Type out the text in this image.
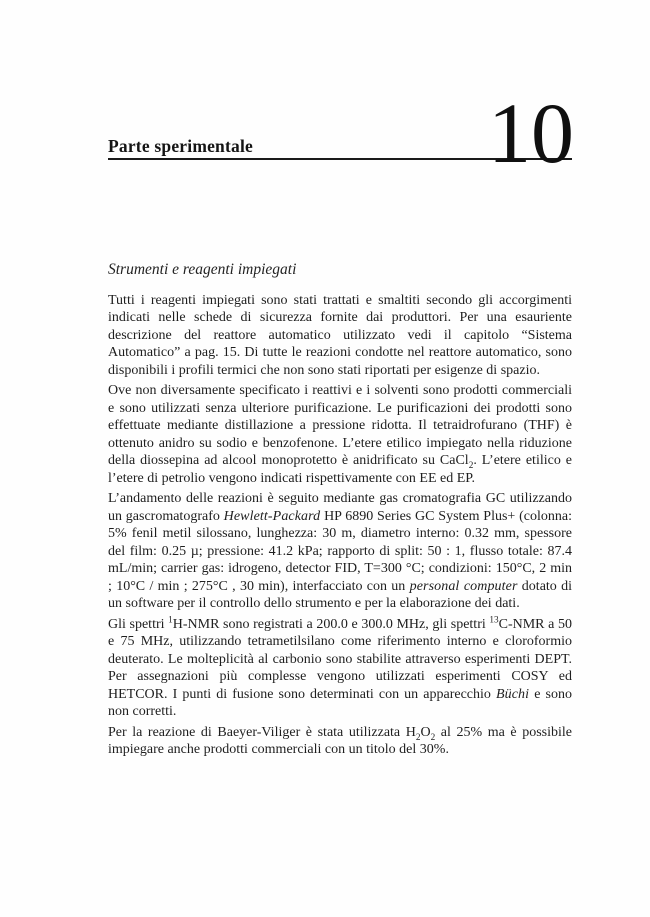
Parte sperimentale	10
Strumenti e reagenti impiegati

Tutti i reagenti impiegati sono stati trattati e smaltiti secondo gli accorgimenti indicati nelle schede di sicurezza fornite dai produttori. Per una esauriente descrizione del reattore automatico utilizzato vedi il capitolo “Sistema Automatico” a pag. 15. Di tutte le reazioni condotte nel reattore automatico, sono disponibili i profili termici che non sono stati riportati per esigenze di spazio.

Ove non diversamente specificato i reattivi e i solventi sono prodotti commerciali e sono utilizzati senza ulteriore purificazione. Le purificazioni dei prodotti sono effettuate mediante distillazione a pressione ridotta. Il tetraidrofurano (THF) è ottenuto anidro su sodio e benzofenone. L’etere etilico impiegato nella riduzione della diossepina ad alcool monoprotetto è anidrificato su CaCl$_2$. L’etere etilico e l’etere di petrolio vengono indicati rispettivamente con EE ed EP.

L’andamento delle reazioni è seguito mediante gas cromatografia GC utilizzando un gascromatografo Hewlett-Packard HP 6890 Series GC System Plus+ (colonna: 5% fenil metil silossano, lunghezza: 30 m, diametro interno: 0.32 mm, spessore del film: 0.25 µ; pressione: 41.2 kPa; rapporto di split: 50 : 1, flusso totale: 87.4 mL/min; carrier gas: idrogeno, detector FID, T=300 °C; condizioni: 150°C, 2 min ; 10°C / min ; 275°C , 30 min), interfacciato con un personal computer dotato di un software per il controllo dello strumento e per la elaborazione dei dati.

Gli spettri $^1$H-NMR sono registrati a 200.0 e 300.0 MHz, gli spettri $^{13}$C-NMR a 50 e 75 MHz, utilizzando tetrametilsilano come riferimento interno e cloroformio deuterato. Le molteplicità al carbonio sono stabilite attraverso esperimenti DEPT. Per assegnazioni più complesse vengono utilizzati esperimenti COSY ed HETCOR. I punti di fusione sono determinati con un apparecchio Büchi e sono non corretti.

Per la reazione di Baeyer-Viliger è stata utilizzata $H_2O_2$ al 25% ma è possibile impiegare anche prodotti commerciali con un titolo del 30%.
